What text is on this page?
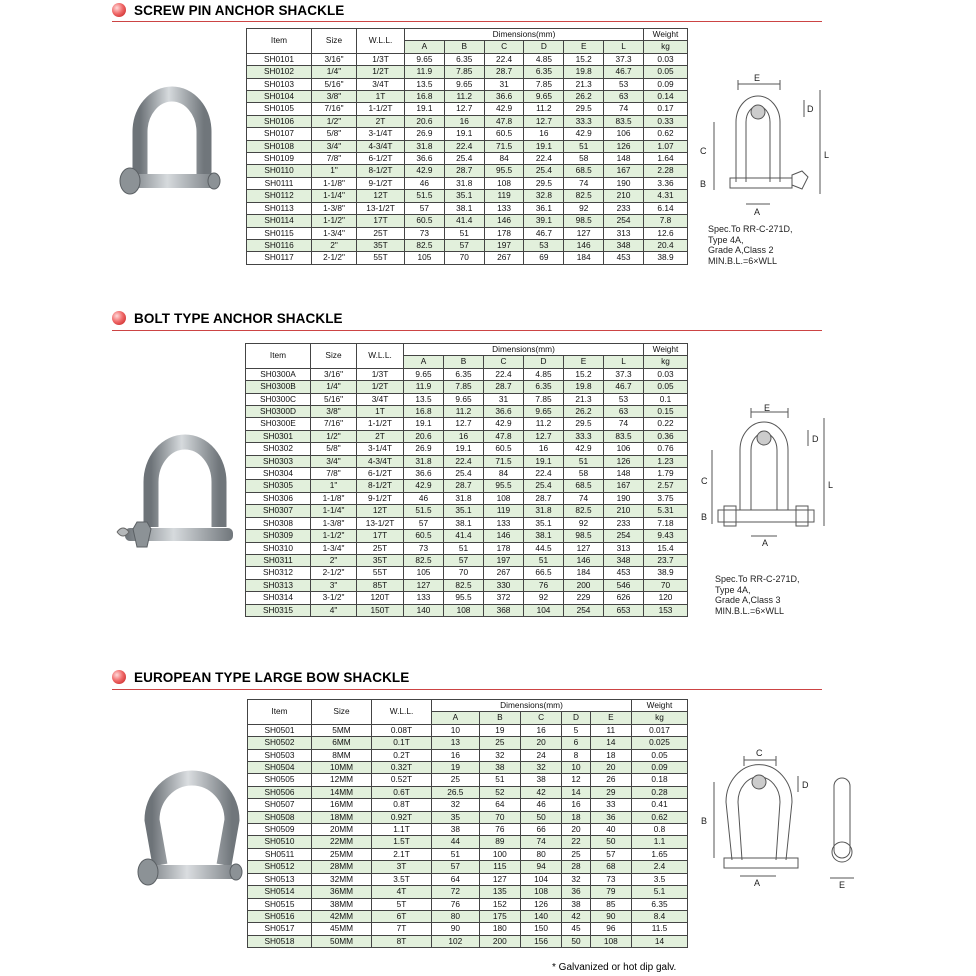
SCREW PIN ANCHOR SHACKLE
Item	Size	W.L.L.	Dimensions(mm)						Weight
			A	B	C	D	E	L	kg
SH0101	3/16"	1/3T	9.65	6.35	22.4	4.85	15.2	37.3	0.03
SH0102	1/4"	1/2T	11.9	7.85	28.7	6.35	19.8	46.7	0.05
SH0103	5/16"	3/4T	13.5	9.65	31	7.85	21.3	53	0.09
SH0104	3/8"	1T	16.8	11.2	36.6	9.65	26.2	63	0.14
SH0105	7/16"	1-1/2T	19.1	12.7	42.9	11.2	29.5	74	0.17
SH0106	1/2"	2T	20.6	16	47.8	12.7	33.3	83.5	0.33
SH0107	5/8"	3-1/4T	26.9	19.1	60.5	16	42.9	106	0.62
SH0108	3/4"	4-3/4T	31.8	22.4	71.5	19.1	51	126	1.07
SH0109	7/8"	6-1/2T	36.6	25.4	84	22.4	58	148	1.64
SH0110	1"	8-1/2T	42.9	28.7	95.5	25.4	68.5	167	2.28
SH0111	1-1/8"	9-1/2T	46	31.8	108	29.5	74	190	3.36
SH0112	1-1/4"	12T	51.5	35.1	119	32.8	82.5	210	4.31
SH0113	1-3/8"	13-1/2T	57	38.1	133	36.1	92	233	6.14
SH0114	1-1/2"	17T	60.5	41.4	146	39.1	98.5	254	7.8
SH0115	1-3/4"	25T	73	51	178	46.7	127	313	12.6
SH0116	2"	35T	82.5	57	197	53	146	348	20.4
SH0117	2-1/2"	55T	105	70	267	69	184	453	38.9
E
D
C
B
A
L
Spec.To RR-C-271D,
Type 4A,
Grade A,Class 2
MIN.B.L.=6×WLL
BOLT TYPE ANCHOR SHACKLE
Item	Size	W.L.L.	Dimensions(mm)						Weight
			A	B	C	D	E	L	kg
SH0300A	3/16"	1/3T	9.65	6.35	22.4	4.85	15.2	37.3	0.03
SH0300B	1/4"	1/2T	11.9	7.85	28.7	6.35	19.8	46.7	0.05
SH0300C	5/16"	3/4T	13.5	9.65	31	7.85	21.3	53	0.1
SH0300D	3/8"	1T	16.8	11.2	36.6	9.65	26.2	63	0.15
SH0300E	7/16"	1-1/2T	19.1	12.7	42.9	11.2	29.5	74	0.22
SH0301	1/2"	2T	20.6	16	47.8	12.7	33.3	83.5	0.36
SH0302	5/8"	3-1/4T	26.9	19.1	60.5	16	42.9	106	0.76
SH0303	3/4"	4-3/4T	31.8	22.4	71.5	19.1	51	126	1.23
SH0304	7/8"	6-1/2T	36.6	25.4	84	22.4	58	148	1.79
SH0305	1"	8-1/2T	42.9	28.7	95.5	25.4	68.5	167	2.57
SH0306	1-1/8"	9-1/2T	46	31.8	108	28.7	74	190	3.75
SH0307	1-1/4"	12T	51.5	35.1	119	31.8	82.5	210	5.31
SH0308	1-3/8"	13-1/2T	57	38.1	133	35.1	92	233	7.18
SH0309	1-1/2"	17T	60.5	41.4	146	38.1	98.5	254	9.43
SH0310	1-3/4"	25T	73	51	178	44.5	127	313	15.4
SH0311	2"	35T	82.5	57	197	51	146	348	23.7
SH0312	2-1/2"	55T	105	70	267	66.5	184	453	38.9
SH0313	3"	85T	127	82.5	330	76	200	546	70
SH0314	3-1/2"	120T	133	95.5	372	92	229	626	120
SH0315	4"	150T	140	108	368	104	254	653	153
E
D
C
B
A
L
Spec.To RR-C-271D,
Type 4A,
Grade A,Class 3
MIN.B.L.=6×WLL
EUROPEAN TYPE LARGE BOW SHACKLE
Item	Size	W.L.L.	Dimensions(mm)					Weight
			A	B	C	D	E	kg
SH0501	5MM	0.08T	10	19	16	5	11	0.017
SH0502	6MM	0.1T	13	25	20	6	14	0.025
SH0503	8MM	0.2T	16	32	24	8	18	0.05
SH0504	10MM	0.32T	19	38	32	10	20	0.09
SH0505	12MM	0.52T	25	51	38	12	26	0.18
SH0506	14MM	0.6T	26.5	52	42	14	29	0.28
SH0507	16MM	0.8T	32	64	46	16	33	0.41
SH0508	18MM	0.92T	35	70	50	18	36	0.62
SH0509	20MM	1.1T	38	76	66	20	40	0.8
SH0510	22MM	1.5T	44	89	74	22	50	1.1
SH0511	25MM	2.1T	51	100	80	25	57	1.65
SH0512	28MM	3T	57	115	94	28	68	2.4
SH0513	32MM	3.5T	64	127	104	32	73	3.5
SH0514	36MM	4T	72	135	108	36	79	5.1
SH0515	38MM	5T	76	152	126	38	85	6.35
SH0516	42MM	6T	80	175	140	42	90	8.4
SH0517	45MM	7T	90	180	150	45	96	11.5
SH0518	50MM	8T	102	200	156	50	108	14
C
D
B
A	E
* Galvanized or hot dip galv.
